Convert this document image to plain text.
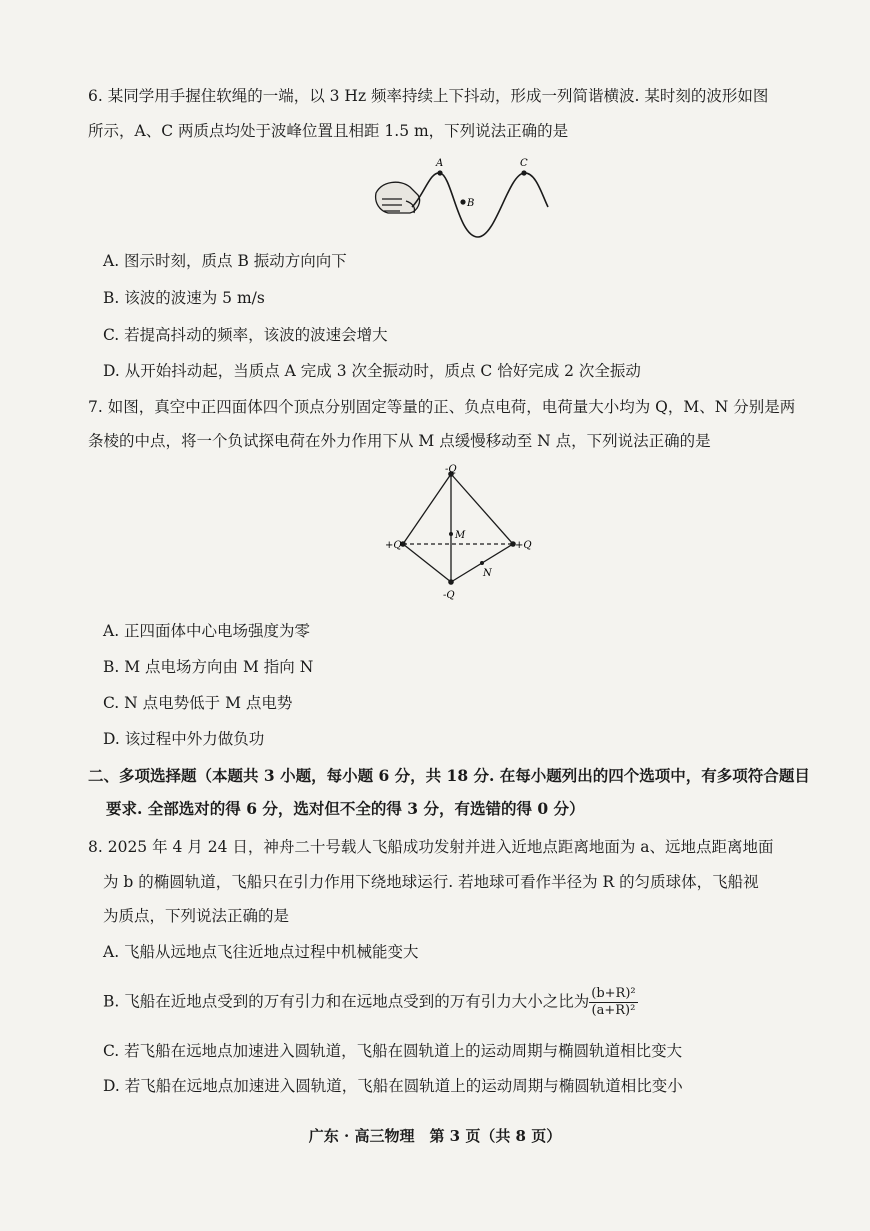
6. 某同学用手握住软绳的一端，以 3 Hz 频率持续上下抖动，形成一列简谐横波. 某时刻的波形如图
所示，A、C 两质点均处于波峰位置且相距 1.5 m，下列说法正确的是
A
B
C
A. 图示时刻，质点 B 振动方向向下
B. 该波的波速为 5 m/s
C. 若提高抖动的频率，该波的波速会增大
D. 从开始抖动起，当质点 A 完成 3 次全振动时，质点 C 恰好完成 2 次全振动
7. 如图，真空中正四面体四个顶点分别固定等量的正、负点电荷，电荷量大小均为 Q，M、N 分别是两
条棱的中点，将一个负试探电荷在外力作用下从 M 点缓慢移动至 N 点，下列说法正确的是
-Q
+Q	+Q
-Q
M
N
A. 正四面体中心电场强度为零
B. M 点电场方向由 M 指向 N
C. N 点电势低于 M 点电势
D. 该过程中外力做负功
二、多项选择题（本题共 3 小题，每小题 6 分，共 18 分. 在每小题列出的四个选项中，有多项符合题目
要求. 全部选对的得 6 分，选对但不全的得 3 分，有选错的得 0 分）
8. 2025 年 4 月 24 日，神舟二十号载人飞船成功发射并进入近地点距离地面为 a、远地点距离地面
为 b 的椭圆轨道，飞船只在引力作用下绕地球运行. 若地球可看作半径为 R 的匀质球体，飞船视
为质点，下列说法正确的是
A. 飞船从远地点飞往近地点过程中机械能变大
B. 飞船在近地点受到的万有引力和在远地点受到的万有引力大小之比为 $\frac{\text{(b+R)²}}{\text{(a+R)²}}$
C. 若飞船在远地点加速进入圆轨道，飞船在圆轨道上的运动周期与椭圆轨道相比变大
D. 若飞船在远地点加速进入圆轨道，飞船在圆轨道上的运动周期与椭圆轨道相比变小
广东 · 高三物理　第 3 页（共 8 页）
